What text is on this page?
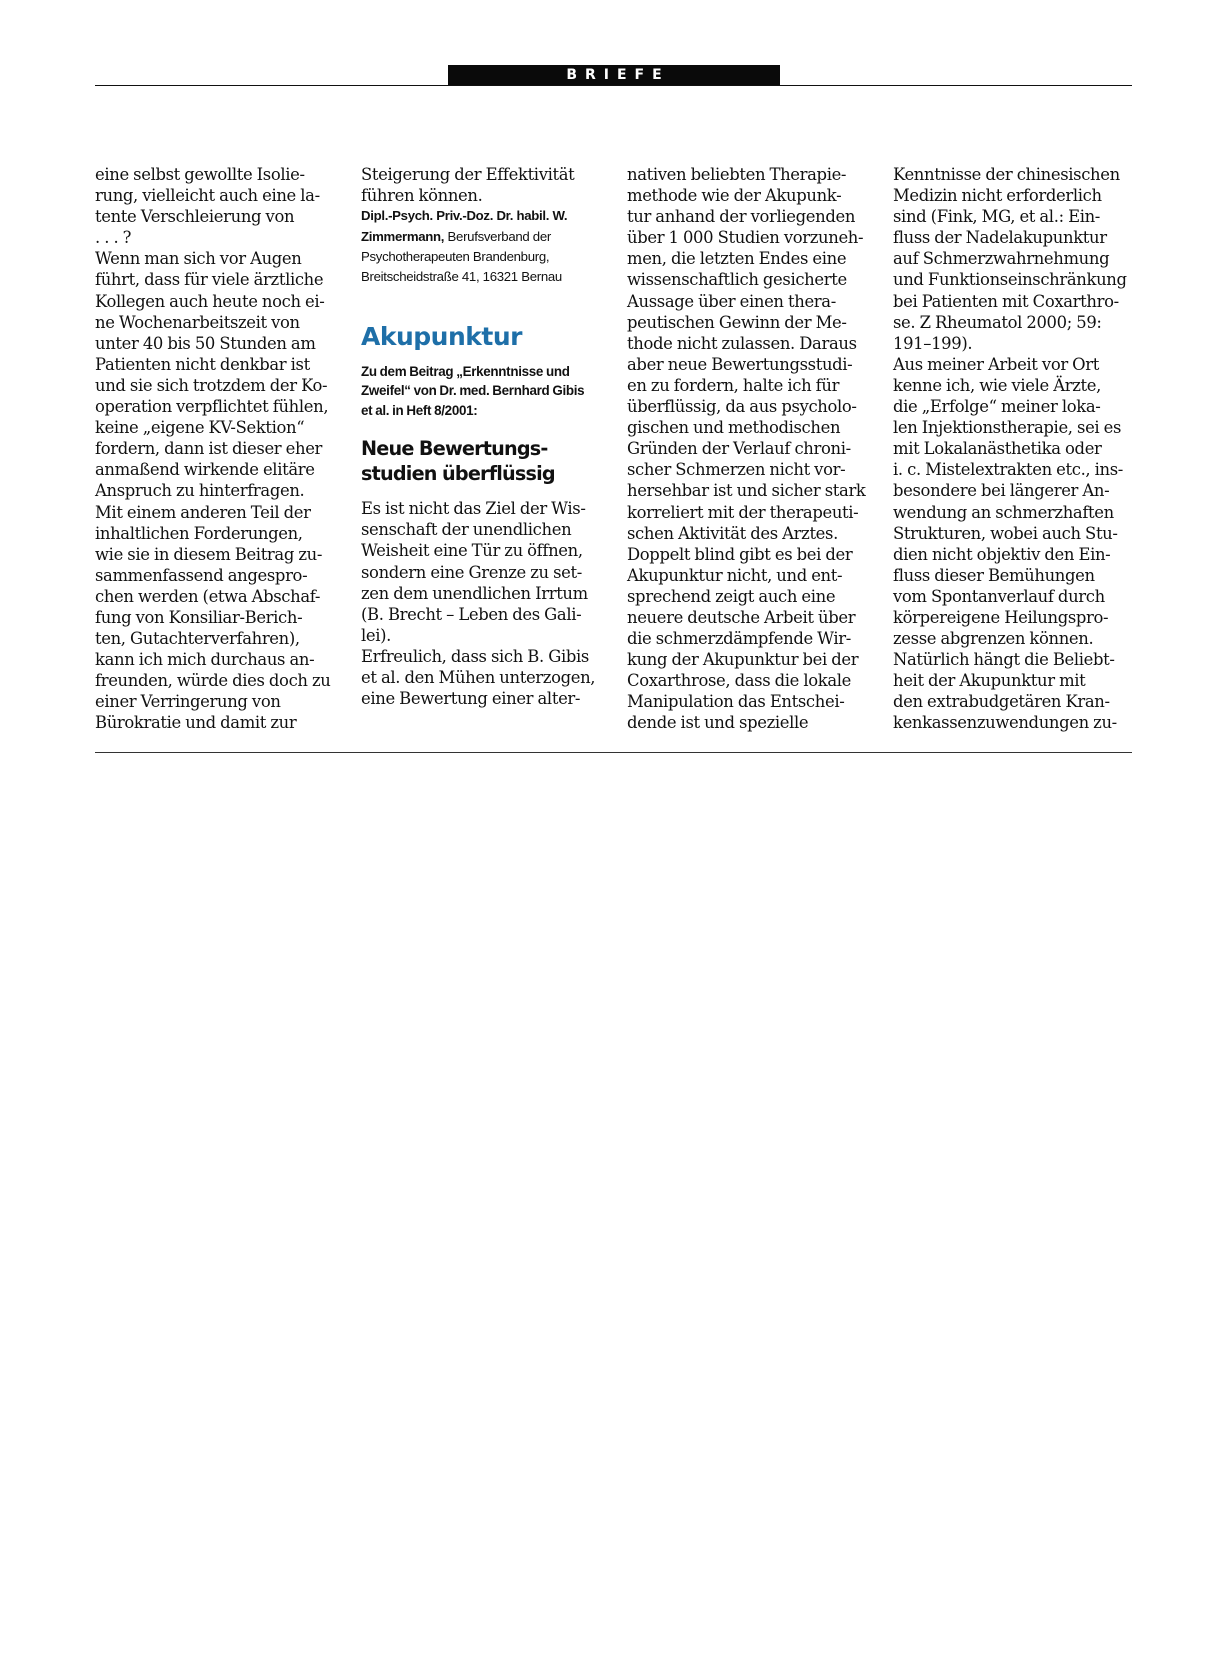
BRIEFE
eine selbst gewollte Isolie-
rung, vielleicht auch eine la-
tente Verschleierung von
. . . ?
Wenn man sich vor Augen
führt, dass für viele ärztliche
Kollegen auch heute noch ei-
ne Wochenarbeitszeit von
unter 40 bis 50 Stunden am
Patienten nicht denkbar ist
und sie sich trotzdem der Ko-
operation verpflichtet fühlen,
keine „eigene KV-Sektion“
fordern, dann ist dieser eher
anmaßend wirkende elitäre
Anspruch zu hinterfragen.
Mit einem anderen Teil der
inhaltlichen Forderungen,
wie sie in diesem Beitrag zu-
sammenfassend angespro-
chen werden (etwa Abschaf-
fung von Konsiliar-Berich-
ten, Gutachterverfahren),
kann ich mich durchaus an-
freunden, würde dies doch zu
einer Verringerung von
Bürokratie und damit zur
Steigerung der Effektivität
führen können.
Dipl.-Psych. Priv.-Doz. Dr. habil. W.
Zimmermann, Berufsverband der
Psychotherapeuten Brandenburg,
Breitscheidstraße 41, 16321 Bernau
Akupunktur
Zu dem Beitrag „Erkenntnisse und
Zweifel“ von Dr. med. Bernhard Gibis
et al. in Heft 8/2001:
Neue Bewertungs-
studien überflüssig
Es ist nicht das Ziel der Wis-
senschaft der unendlichen
Weisheit eine Tür zu öffnen,
sondern eine Grenze zu set-
zen dem unendlichen Irrtum
(B. Brecht – Leben des Gali-
lei).
Erfreulich, dass sich B. Gibis
et al. den Mühen unterzogen,
eine Bewertung einer alter-
nativen beliebten Therapie-
methode wie der Akupunk-
tur anhand der vorliegenden
über 1 000 Studien vorzuneh-
men, die letzten Endes eine
wissenschaftlich gesicherte
Aussage über einen thera-
peutischen Gewinn der Me-
thode nicht zulassen. Daraus
aber neue Bewertungsstudi-
en zu fordern, halte ich für
überflüssig, da aus psycholo-
gischen und methodischen
Gründen der Verlauf chroni-
scher Schmerzen nicht vor-
hersehbar ist und sicher stark
korreliert mit der therapeuti-
schen Aktivität des Arztes.
Doppelt blind gibt es bei der
Akupunktur nicht, und ent-
sprechend zeigt auch eine
neuere deutsche Arbeit über
die schmerzdämpfende Wir-
kung der Akupunktur bei der
Coxarthrose, dass die lokale
Manipulation das Entschei-
dende ist und spezielle
Kenntnisse der chinesischen
Medizin nicht erforderlich
sind (Fink, MG, et al.: Ein-
fluss der Nadelakupunktur
auf Schmerzwahrnehmung
und Funktionseinschränkung
bei Patienten mit Coxarthro-
se. Z Rheumatol 2000; 59:
191–199).
Aus meiner Arbeit vor Ort
kenne ich, wie viele Ärzte,
die „Erfolge“ meiner loka-
len Injektionstherapie, sei es
mit Lokalanästhetika oder
i. c. Mistelextrakten etc., ins-
besondere bei längerer An-
wendung an schmerzhaften
Strukturen, wobei auch Stu-
dien nicht objektiv den Ein-
fluss dieser Bemühungen
vom Spontanverlauf durch
körpereigene Heilungspro-
zesse abgrenzen können.
Natürlich hängt die Beliebt-
heit der Akupunktur mit
den extrabudgetären Kran-
kenkassenzuwendungen zu-
